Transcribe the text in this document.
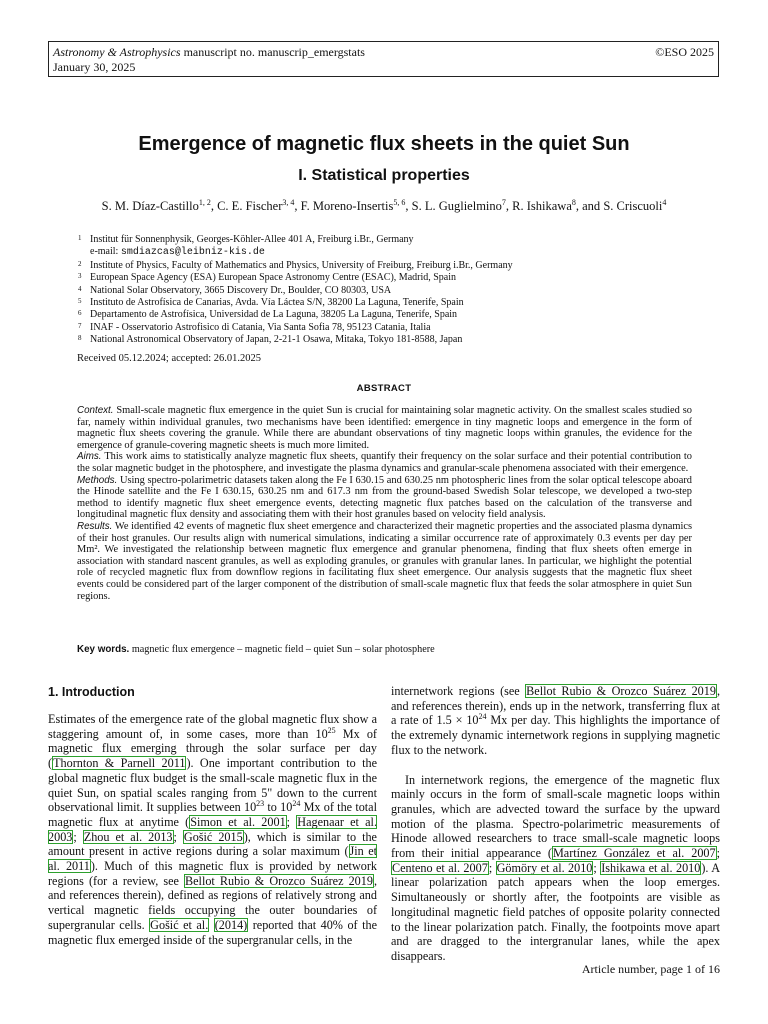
Astronomy & Astrophysics manuscript no. manuscrip_emergstats
January 30, 2025
©ESO 2025
Emergence of magnetic flux sheets in the quiet Sun
I. Statistical properties
S. M. Díaz-Castillo$^{1, 2}$, C. E. Fischer$^{3, 4}$, F. Moreno-Insertis$^{5, 6}$, S. L. Guglielmino$^7$, R. Ishikawa$^8$, and S. Criscuoli$^4$
1 Institut für Sonnenphysik, Georges-Köhler-Allee 401 A, Freiburg i.Br., Germany
e-mail: smdiazcas@leibniz-kis.de
2 Institute of Physics, Faculty of Mathematics and Physics, University of Freiburg, Freiburg i.Br., Germany
3 European Space Agency (ESA) European Space Astronomy Centre (ESAC), Madrid, Spain
4 National Solar Observatory, 3665 Discovery Dr., Boulder, CO 80303, USA
5 Instituto de Astrofísica de Canarias, Avda. Vía Láctea S/N, 38200 La Laguna, Tenerife, Spain
6 Departamento de Astrofísica, Universidad de La Laguna, 38205 La Laguna, Tenerife, Spain
7 INAF - Osservatorio Astrofisico di Catania, Via Santa Sofia 78, 95123 Catania, Italia
8 National Astronomical Observatory of Japan, 2-21-1 Osawa, Mitaka, Tokyo 181-8588, Japan
Received 05.12.2024; accepted: 26.01.2025
ABSTRACT

Context. Small-scale magnetic flux emergence in the quiet Sun is crucial for maintaining solar magnetic activity. On the smallest scales studied so far, namely within individual granules, two mechanisms have been identified: emergence in tiny magnetic loops and emergence in the form of magnetic flux sheets covering the granule. While there are abundant observations of tiny magnetic loops within granules, the evidence for the emergence of granule-covering magnetic sheets is much more limited.

Aims. This work aims to statistically analyze magnetic flux sheets, quantify their frequency on the solar surface and their potential contribution to the solar magnetic budget in the photosphere, and investigate the plasma dynamics and granular-scale phenomena associated with their emergence.

Methods. Using spectro-polarimetric datasets taken along the Fe I 630.15 and 630.25 nm photospheric lines from the solar optical telescope aboard the Hinode satellite and the Fe I 630.15, 630.25 nm and 617.3 nm from the ground-based Swedish Solar telescope, we developed a two-step method to identify magnetic flux sheet emergence events, detecting magnetic flux patches based on the calculation of the transverse and longitudinal magnetic flux density and associating them with their host granules based on velocity field analysis.

Results. We identified 42 events of magnetic flux sheet emergence and characterized their magnetic properties and the associated plasma dynamics of their host granules. Our results align with numerical simulations, indicating a similar occurrence rate of approximately 0.3 events per day per Mm². We investigated the relationship between magnetic flux emergence and granular phenomena, finding that flux sheets often emerge in association with standard nascent granules, as well as exploding granules, or granules with granular lanes. In particular, we highlight the potential role of recycled magnetic flux from downflow regions in facilitating flux sheet emergence. Our analysis suggests that the magnetic flux sheet events could be considered part of the larger component of the distribution of small-scale magnetic flux that feeds the solar atmosphere in quiet Sun regions.

Key words. magnetic flux emergence – magnetic field – quiet Sun – solar photosphere
1. Introduction

Estimates of the emergence rate of the global magnetic flux show a staggering amount of, in some cases, more than $10^{25}$ Mx of magnetic flux emerging through the solar surface per day (Thornton & Parnell 2011). One important contribution to the global magnetic flux budget is the small-scale magnetic flux in the quiet Sun, on spatial scales ranging from 5" down to the current observational limit. It supplies between $10^{23}$ to $10^{24}$ Mx of the total magnetic flux at anytime (Simon et al. 2001; Hagenaar et al. 2003; Zhou et al. 2013; Gošić 2015), which is similar to the amount present in active regions during a solar maximum (Jin et al. 2011). Much of this magnetic flux is provided by network regions (for a review, see Bellot Rubio & Orozco Suárez 2019, and references therein), defined as regions of relatively strong and vertical magnetic fields occupying the outer boundaries of supergranular cells. Gošić et al. (2014) reported that 40% of the magnetic flux emerged inside of the supergranular cells, in the

internetwork regions (see Bellot Rubio & Orozco Suárez 2019, and references therein), ends up in the network, transferring flux at a rate of $1.5 \times 10^{24}$ Mx per day. This highlights the importance of the extremely dynamic internetwork regions in supplying magnetic flux to the network.

In internetwork regions, the emergence of the magnetic flux mainly occurs in the form of small-scale magnetic loops within granules, which are advected toward the surface by the upward motion of the plasma. Spectro-polarimetric measurements of Hinode allowed researchers to trace small-scale magnetic loops from their initial appearance (Martínez González et al. 2007; Centeno et al. 2007; Gömöry et al. 2010; Ishikawa et al. 2010). A linear polarization patch appears when the loop emerges. Simultaneously or shortly after, the footpoints are visible as longitudinal magnetic field patches of opposite polarity connected to the linear polarization patch. Finally, the footpoints move apart and are dragged to the intergranular lanes, while the apex disappears.

Article number, page 1 of 16
